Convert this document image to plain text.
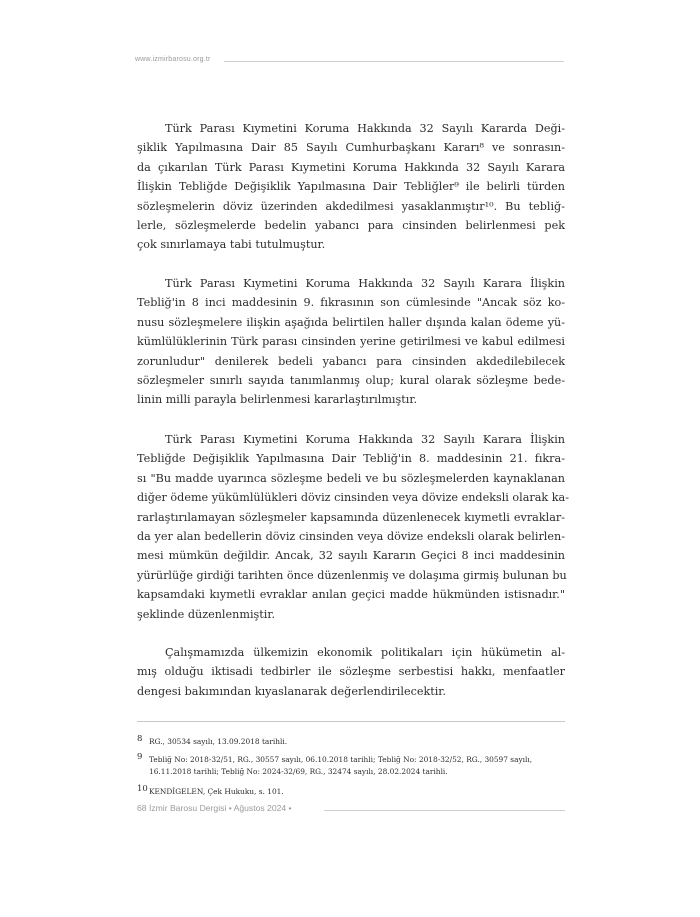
www.izmirbarosu.org.tr
Türk Parası Kıymetini Koruma Hakkında 32 Sayılı Kararda Deği-
şiklik Yapılmasına Dair 85 Sayılı Cumhurbaşkanı Kararı⁸ ve sonrasın-
da çıkarılan Türk Parası Kıymetini Koruma Hakkında 32 Sayılı Karara
İlişkin Tebliğde Değişiklik Yapılmasına Dair Tebliğler⁹ ile belirli türden
sözleşmelerin döviz üzerinden akdedilmesi yasaklanmıştır¹⁰. Bu tebliğ-
lerle, sözleşmelerde bedelin yabancı para cinsinden belirlenmesi pek
çok sınırlamaya tabi tutulmuştur.
Türk Parası Kıymetini Koruma Hakkında 32 Sayılı Karara İlişkin
Tebliğ'in 8 inci maddesinin 9. fıkrasının son cümlesinde "Ancak söz ko-
nusu sözleşmelere ilişkin aşağıda belirtilen haller dışında kalan ödeme yü-
kümlülüklerinin Türk parası cinsinden yerine getirilmesi ve kabul edilmesi
zorunludur" denilerek bedeli yabancı para cinsinden akdedilebilecek
sözleşmeler sınırlı sayıda tanımlanmış olup; kural olarak sözleşme bede-
linin milli parayla belirlenmesi kararlaştırılmıştır.
Türk Parası Kıymetini Koruma Hakkında 32 Sayılı Karara İlişkin
Tebliğde Değişiklik Yapılmasına Dair Tebliğ'in 8. maddesinin 21. fıkra-
sı "Bu madde uyarınca sözleşme bedeli ve bu sözleşmelerden kaynaklanan
diğer ödeme yükümlülükleri döviz cinsinden veya dövize endeksli olarak ka-
rarlaştırılamayan sözleşmeler kapsamında düzenlenecek kıymetli evraklar-
da yer alan bedellerin döviz cinsinden veya dövize endeksli olarak belirlen-
mesi mümkün değildir. Ancak, 32 sayılı Kararın Geçici 8 inci maddesinin
yürürlüğe girdiği tarihten önce düzenlenmiş ve dolaşıma girmiş bulunan bu
kapsamdaki kıymetli evraklar anılan geçici madde hükmünden istisnadır."
şeklinde düzenlenmiştir.
Çalışmamızda ülkemizin ekonomik politikaları için hükümetin al-
mış olduğu iktisadi tedbirler ile sözleşme serbestisi hakkı, menfaatler
dengesi bakımından kıyaslanarak değerlendirilecektir.
8 RG., 30534 sayılı, 13.09.2018 tarihli.
9 Tebliğ No: 2018-32/51, RG., 30557 sayılı, 06.10.2018 tarihli; Tebliğ No: 2018-32/52, RG., 30597 sayılı,
16.11.2018 tarihli; Tebliğ No: 2024-32/69, RG., 32474 sayılı, 28.02.2024 tarihli.
10 KENDİGELEN, Çek Hukuku, s. 101.
68 İzmir Barosu Dergisi • Ağustos 2024 •
